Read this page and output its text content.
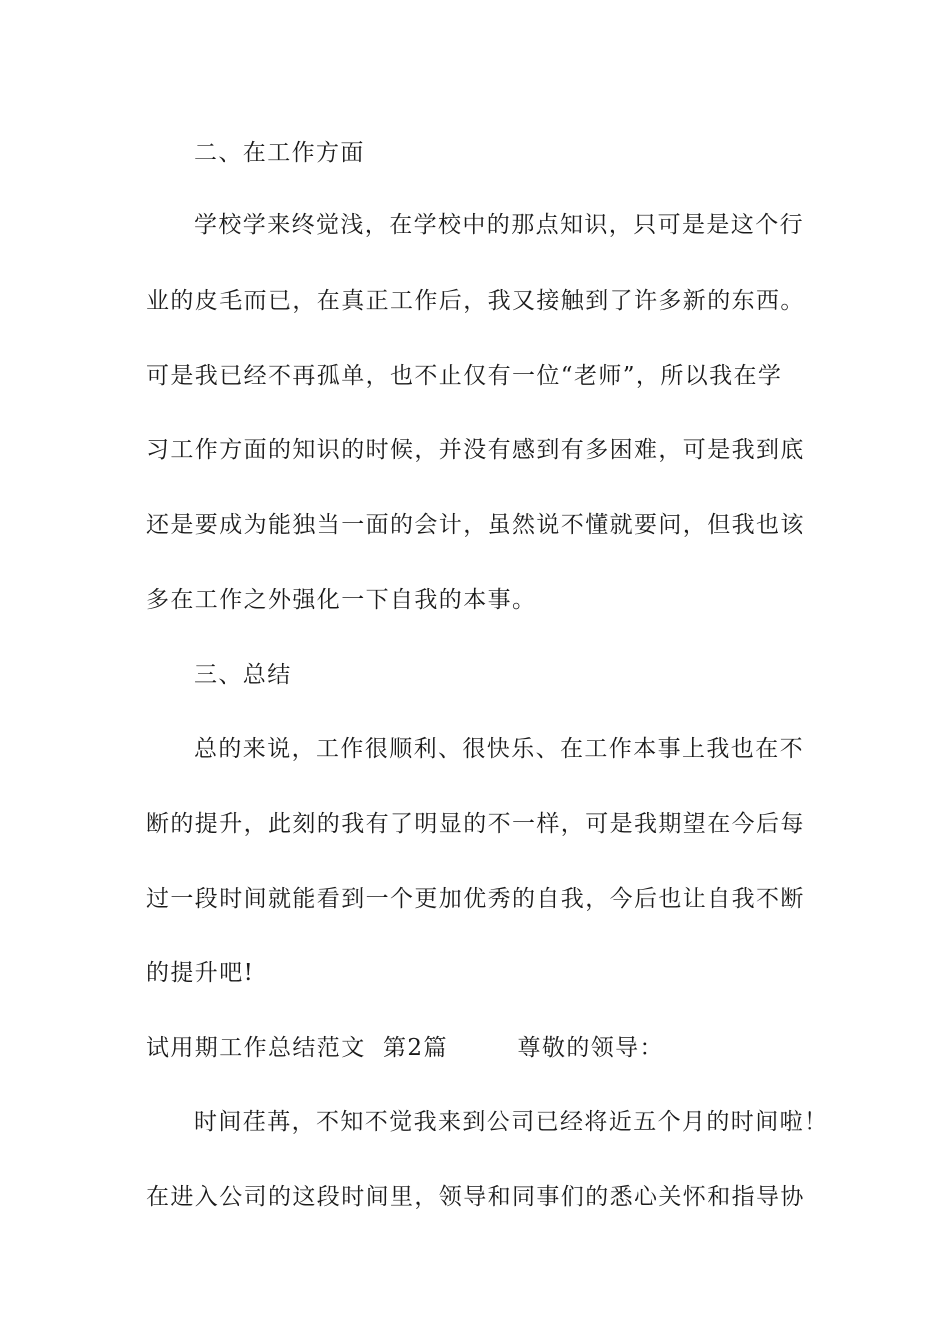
二、在工作方面
学校学来终觉浅，在学校中的那点知识，只可是是这个行
业的皮毛而已，在真正工作后，我又接触到了许多新的东西。
可是我已经不再孤单，也不止仅有一位“老师”，所以我在学
习工作方面的知识的时候，并没有感到有多困难，可是我到底
还是要成为能独当一面的会计，虽然说不懂就要问，但我也该
多在工作之外强化一下自我的本事。
三、总结
总的来说，工作很顺利、很快乐、在工作本事上我也在不
断的提升，此刻的我有了明显的不一样，可是我期望在今后每
过一段时间就能看到一个更加优秀的自我，今后也让自我不断
的提升吧!
试用期工作总结范文  第2篇        尊敬的领导：
时间荏苒，不知不觉我来到公司已经将近五个月的时间啦！
在进入公司的这段时间里，领导和同事们的悉心关怀和指导协
